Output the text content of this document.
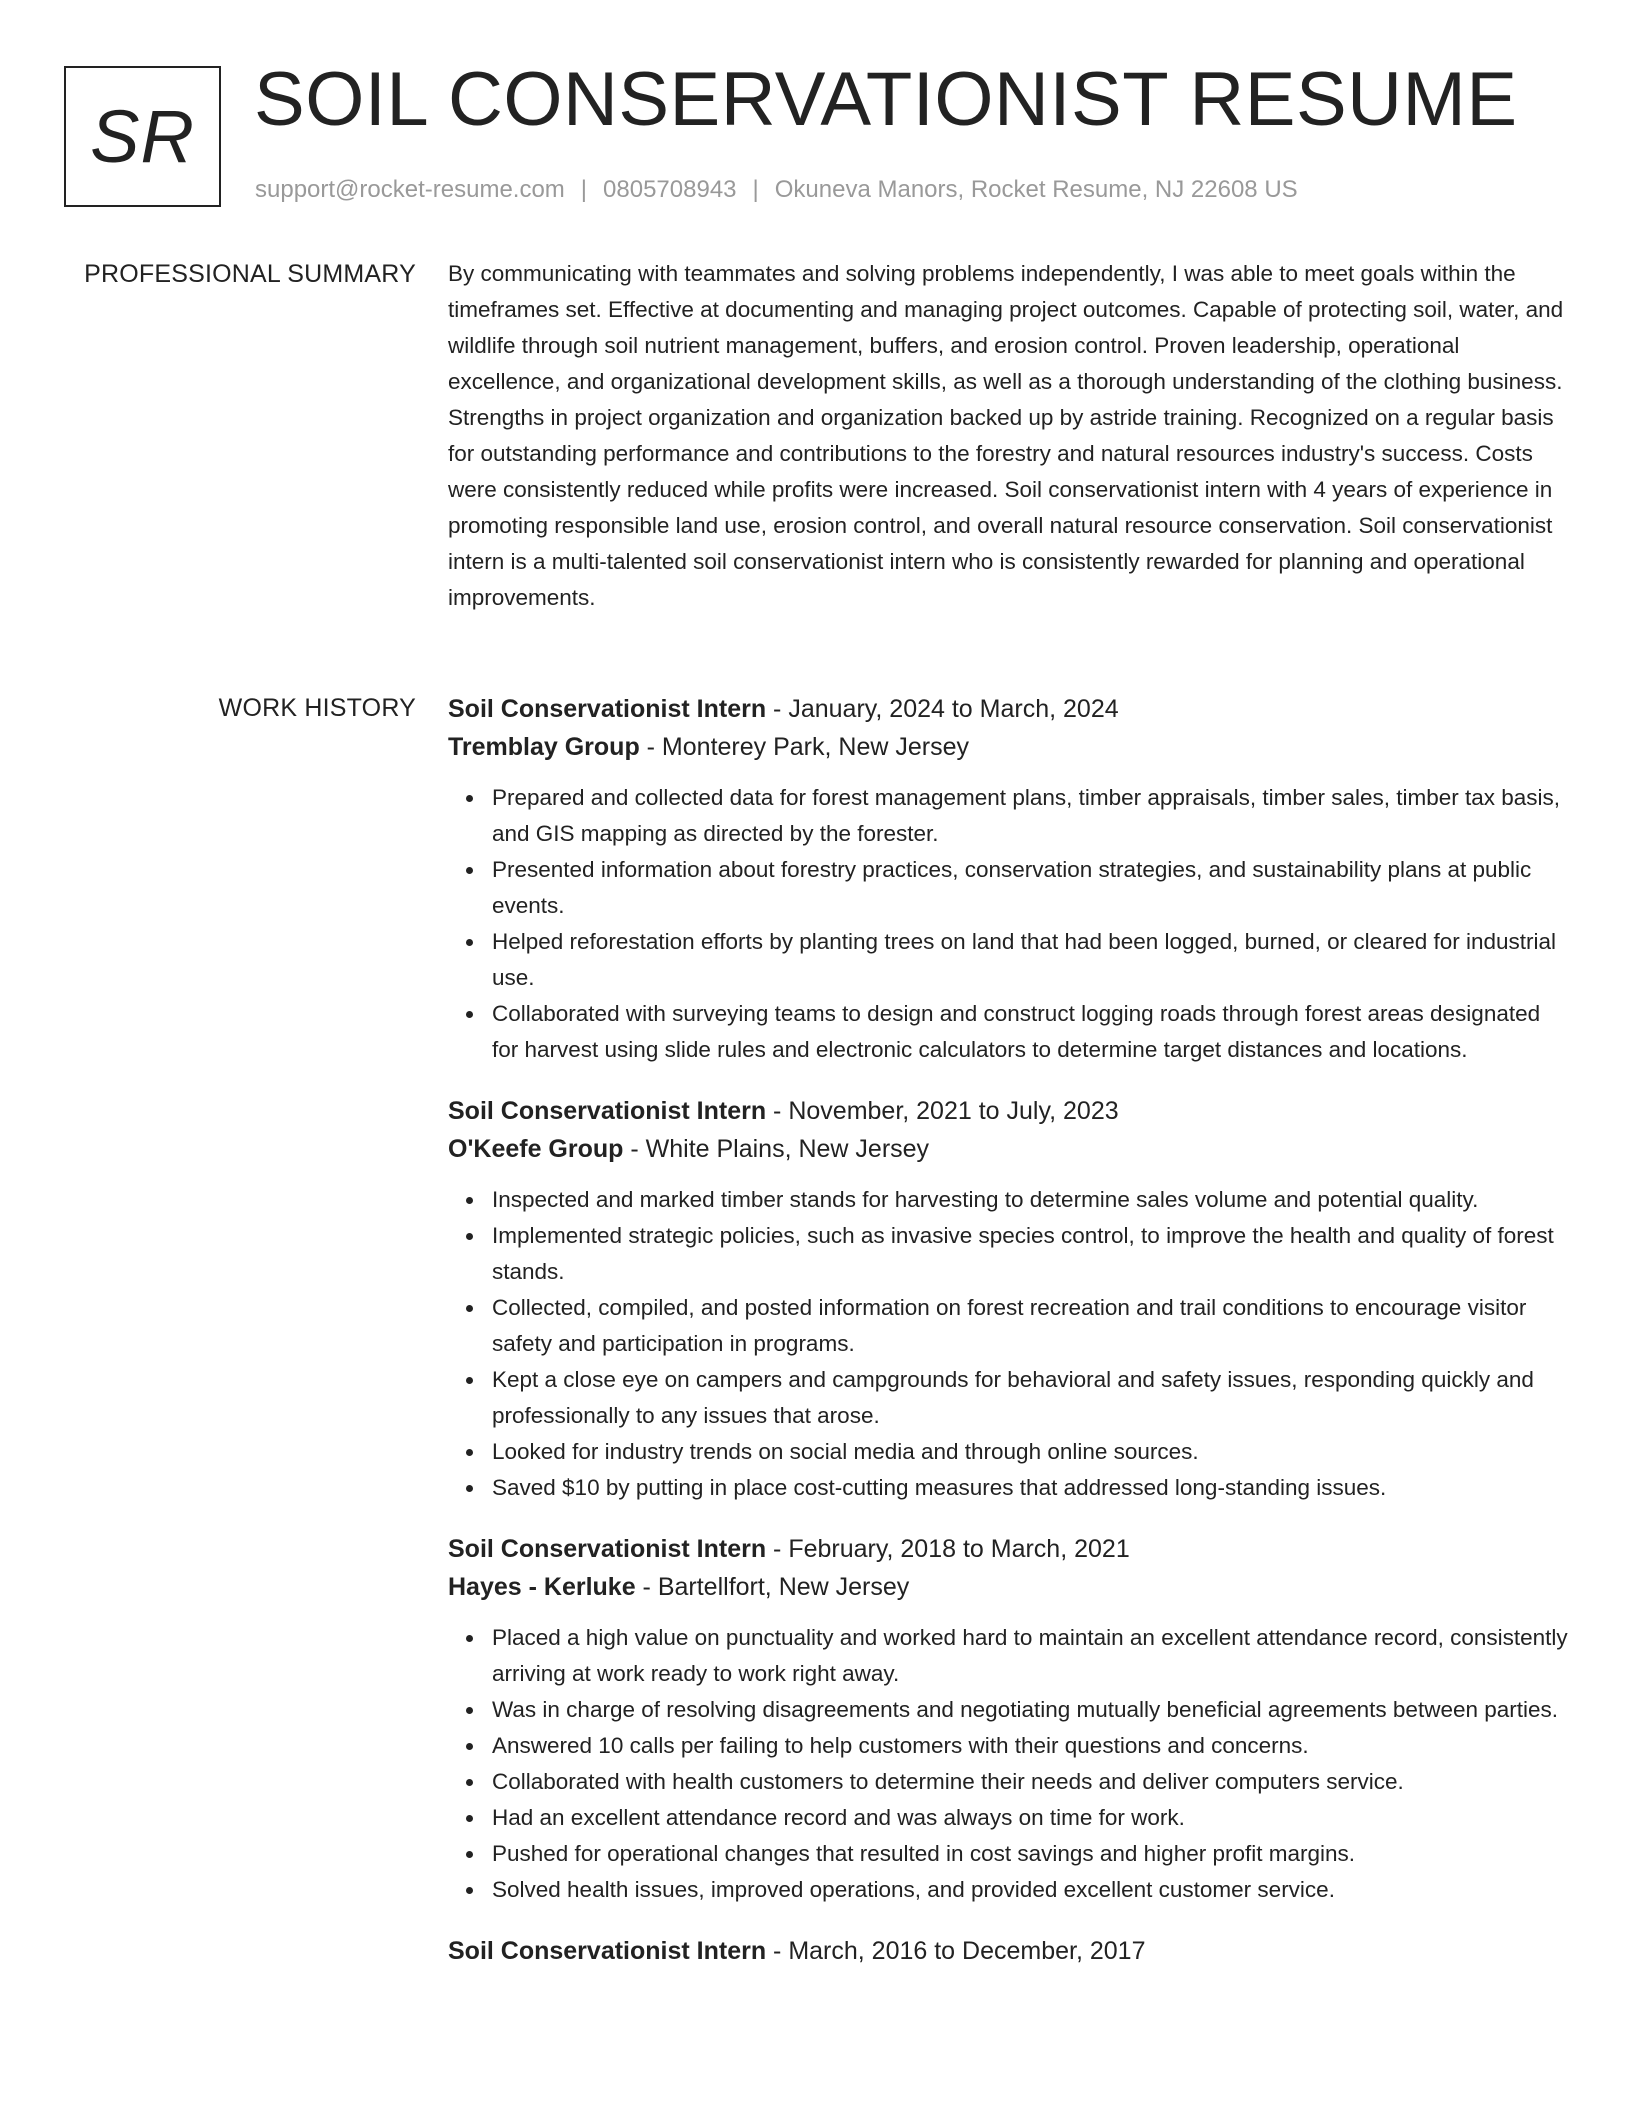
SR SOIL CONSERVATIONIST RESUME
support@rocket-resume.com | 0805708943 | Okuneva Manors, Rocket Resume, NJ 22608 US
PROFESSIONAL SUMMARY By communicating with teammates and solving problems independently, I was able to meet goals within the timeframes set. Effective at documenting and managing project outcomes. Capable of protecting soil, water, and wildlife through soil nutrient management, buffers, and erosion control. Proven leadership, operational excellence, and organizational development skills, as well as a thorough understanding of the clothing business. Strengths in project organization and organization backed up by astride training. Recognized on a regular basis for outstanding performance and contributions to the forestry and natural resources industry's success. Costs were consistently reduced while profits were increased. Soil conservationist intern with 4 years of experience in promoting responsible land use, erosion control, and overall natural resource conservation. Soil conservationist intern is a multi-talented soil conservationist intern who is consistently rewarded for planning and operational improvements.

WORK HISTORY Soil Conservationist Intern - January, 2024 to March, 2024
Tremblay Group - Monterey Park, New Jersey
Prepared and collected data for forest management plans, timber appraisals, timber sales, timber tax basis, and GIS mapping as directed by the forester.
Presented information about forestry practices, conservation strategies, and sustainability plans at public events.
Helped reforestation efforts by planting trees on land that had been logged, burned, or cleared for industrial use.
Collaborated with surveying teams to design and construct logging roads through forest areas designated for harvest using slide rules and electronic calculators to determine target distances and locations.
Soil Conservationist Intern - November, 2021 to July, 2023
O'Keefe Group - White Plains, New Jersey
Inspected and marked timber stands for harvesting to determine sales volume and potential quality.
Implemented strategic policies, such as invasive species control, to improve the health and quality of forest stands.
Collected, compiled, and posted information on forest recreation and trail conditions to encourage visitor safety and participation in programs.
Kept a close eye on campers and campgrounds for behavioral and safety issues, responding quickly and professionally to any issues that arose.
Looked for industry trends on social media and through online sources.
Saved $10 by putting in place cost-cutting measures that addressed long-standing issues.
Soil Conservationist Intern - February, 2018 to March, 2021
Hayes - Kerluke - Bartellfort, New Jersey
Placed a high value on punctuality and worked hard to maintain an excellent attendance record, consistently arriving at work ready to work right away.
Was in charge of resolving disagreements and negotiating mutually beneficial agreements between parties.
Answered 10 calls per failing to help customers with their questions and concerns.
Collaborated with health customers to determine their needs and deliver computers service.
Had an excellent attendance record and was always on time for work.
Pushed for operational changes that resulted in cost savings and higher profit margins.
Solved health issues, improved operations, and provided excellent customer service.
Soil Conservationist Intern - March, 2016 to December, 2017
